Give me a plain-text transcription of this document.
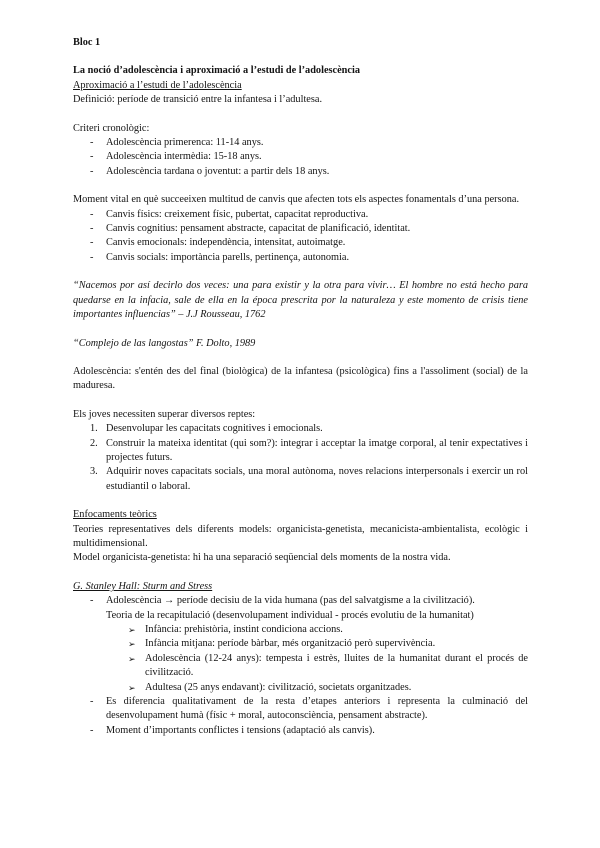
Bloc 1

La noció d’adolescència i aproximació a l’estudi de l’adolescència

Aproximació a l’estudi de l’adolescència

Definició: període de transició entre la infantesa i l’adultesa.

Criteri cronològic:

- Adolescència primerenca: 11-14 anys.
- Adolescència intermèdia: 15-18 anys.
- Adolescència tardana o joventut: a partir dels 18 anys.

Moment vital en què succeeixen multitud de canvis que afecten tots els aspectes fonamentals d’una persona.

- Canvis físics: creixement físic, pubertat, capacitat reproductiva.
- Canvis cognitius: pensament abstracte, capacitat de planificació, identitat.
- Canvis emocionals: independència, intensitat, autoimatge.
- Canvis socials: importància parells, pertinença, autonomia.

“Nacemos por así decirlo dos veces: una para existir y la otra para vivir… El hombre no está hecho para quedarse en la infacia, sale de ella en la época prescrita por la naturaleza y este momento de crisis tiene importantes influencias” – J.J Rousseau, 1762

“Complejo de las langostas” F. Dolto, 1989

Adolescència: s'entén des del final (biològica) de la infantesa (psicològica) fins a l'assoliment (social) de la maduresa.

Els joves necessiten superar diversos reptes:

1. Desenvolupar les capacitats cognitives i emocionals.
2. Construir la mateixa identitat (qui som?): integrar i acceptar la imatge corporal, al tenir expectatives i projectes futurs.
3. Adquirir noves capacitats socials, una moral autònoma, noves relacions interpersonals i exercir un rol estudiantil o laboral.

Enfocaments teòrics

Teories representatives dels diferents models: organicista-genetista, mecanicista-ambientalista, ecològic i multidimensional.

Model organicista-genetista: hi ha una separació seqüencial dels moments de la nostra vida.

G. Stanley Hall: Sturm and Stress

- Adolescència → període decisiu de la vida humana (pas del salvatgisme a la civilització).

Teoria de la recapitulació (desenvolupament individual - procés evolutiu de la humanitat)

➢ Infància: prehistòria, instint condiciona accions.
➢ Infància mitjana: període bàrbar, més organització però supervivència.
➢ Adolescència (12-24 anys): tempesta i estrès, lluites de la humanitat durant el procés de civilització.
➢ Adultesa (25 anys endavant): civilització, societats organitzades.
- Es diferencia qualitativament de la resta d’etapes anteriors i representa la culminació del desenvolupament humà (físic + moral, autoconsciència, pensament abstracte).
- Moment d’importants conflictes i tensions (adaptació als canvis).
